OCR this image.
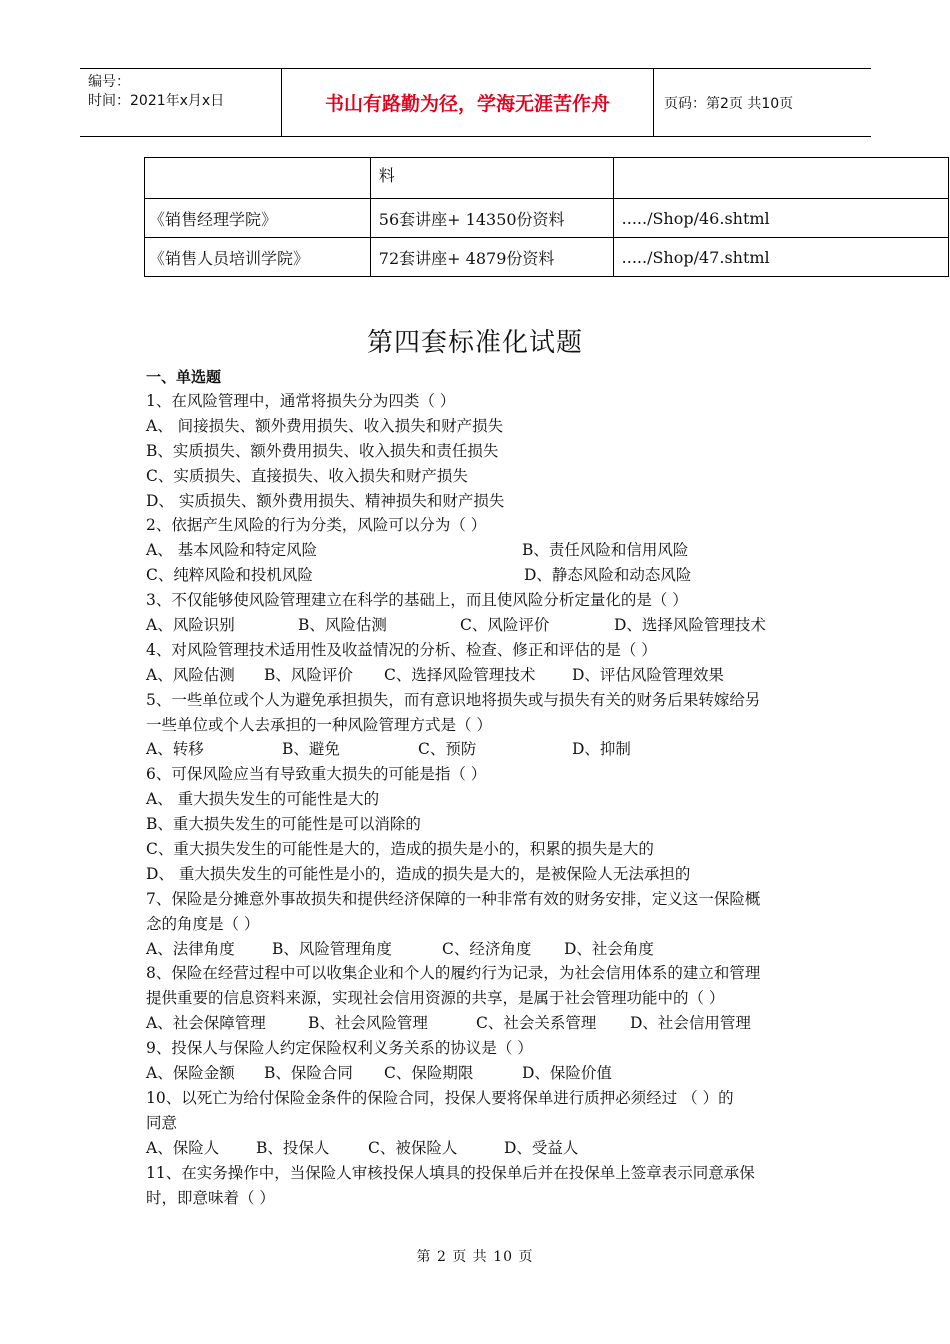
编号：
时间：2021年x月x日	书山有路勤为径，学海无涯苦作舟	页码：第2页 共10页
	料	
《销售经理学院》	56套讲座+ 14350份资料	...../Shop/46.shtml
《销售人员培训学院》	72套讲座+ 4879份资料	...../Shop/47.shtml
第四套标准化试题
一、单选题
1、在风险管理中，通常将损失分为四类（ ）
A、 间接损失、额外费用损失、收入损失和财产损失
B、实质损失、额外费用损失、收入损失和责任损失
C、实质损失、直接损失、收入损失和财产损失
D、 实质损失、额外费用损失、精神损失和财产损失
2、依据产生风险的行为分类，风险可以分为（ ）
A、 基本风险和特定风险	B、责任风险和信用风险
C、纯粹风险和投机风险	D、静态风险和动态风险
3、不仅能够使风险管理建立在科学的基础上，而且使风险分析定量化的是（ ）
A、风险识别	B、风险估测	C、风险评价	D、选择风险管理技术
4、对风险管理技术适用性及收益情况的分析、检查、修正和评估的是（ ）
A、风险估测 B、风险评价 C、选择风险管理技术 D、评估风险管理效果
5、一些单位或个人为避免承担损失，而有意识地将损失或与损失有关的财务后果转嫁给另
一些单位或个人去承担的一种风险管理方式是（ ）
A、转移	B、避免	C、预防	D、抑制
6、可保风险应当有导致重大损失的可能是指（ ）
A、 重大损失发生的可能性是大的
B、重大损失发生的可能性是可以消除的
C、重大损失发生的可能性是大的，造成的损失是小的，积累的损失是大的
D、 重大损失发生的可能性是小的，造成的损失是大的，是被保险人无法承担的
7、保险是分摊意外事故损失和提供经济保障的一种非常有效的财务安排，定义这一保险概
念的角度是（ ）
A、法律角度 B、风险管理角度	C、经济角度 D、社会角度
8、保险在经营过程中可以收集企业和个人的履约行为记录，为社会信用体系的建立和管理
提供重要的信息资料来源，实现社会信用资源的共享，是属于社会管理功能中的（ ）
A、社会保障管理	B、社会风险管理	C、社会关系管理 D、社会信用管理
9、投保人与保险人约定保险权利义务关系的协议是（ ）
A、保险金额 B、保险合同 C、保险期限	D、保险价值
10、以死亡为给付保险金条件的保险合同，投保人要将保单进行质押必须经过 （ ）的
同意
A、保险人 B、投保人 C、被保险人	D、受益人
11、在实务操作中，当保险人审核投保人填具的投保单后并在投保单上签章表示同意承保
时，即意味着（ ）
第 2 页 共 10 页
